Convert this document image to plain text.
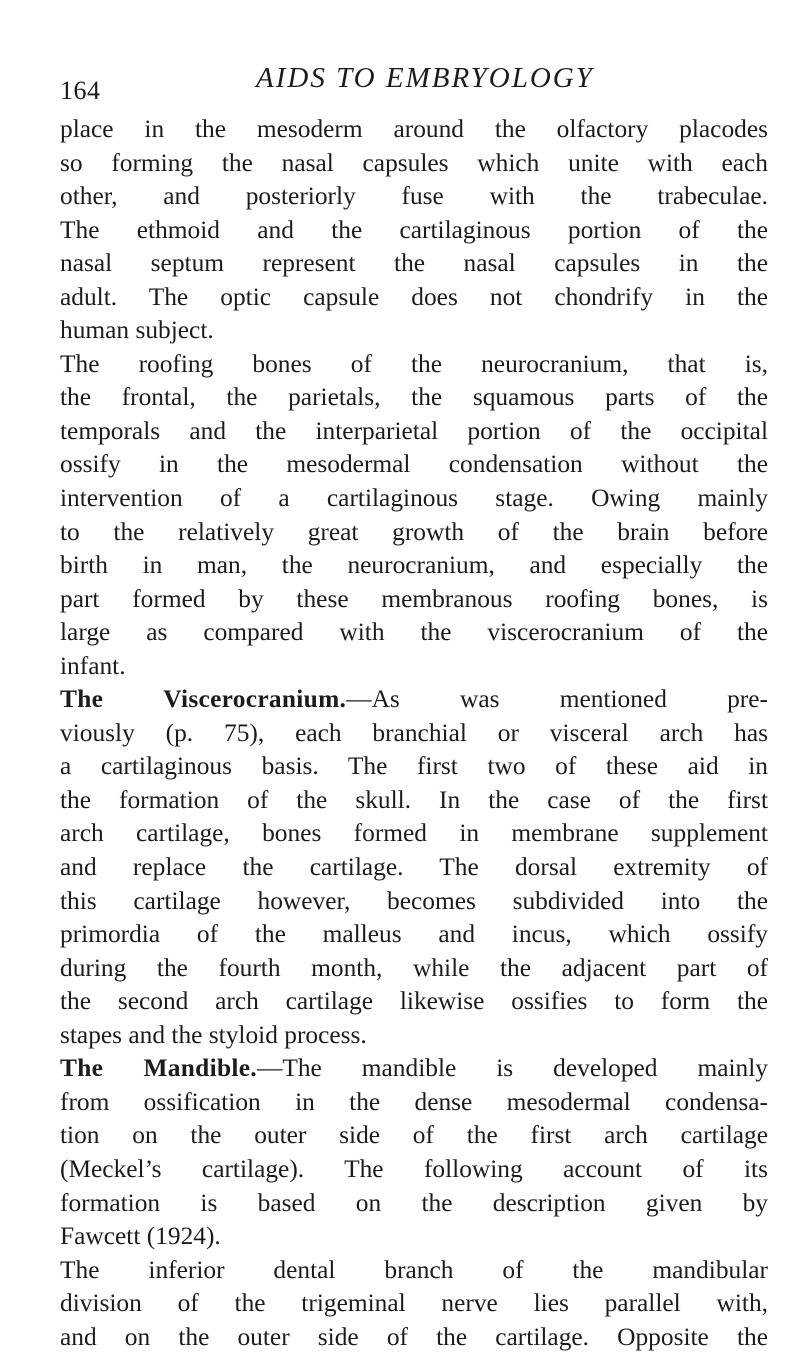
164	AIDS TO EMBRYOLOGY
place in the mesoderm around the olfactory placodes
so forming the nasal capsules which unite with each
other, and posteriorly fuse with the trabeculae.
The ethmoid and the cartilaginous portion of the
nasal septum represent the nasal capsules in the
adult. The optic capsule does not chondrify in the
human subject.
The roofing bones of the neurocranium, that is,
the frontal, the parietals, the squamous parts of the
temporals and the interparietal portion of the occipital
ossify in the mesodermal condensation without the
intervention of a cartilaginous stage. Owing mainly
to the relatively great growth of the brain before
birth in man, the neurocranium, and especially the
part formed by these membranous roofing bones, is
large as compared with the viscerocranium of the
infant.
The Viscerocranium.—As was mentioned pre-
viously (p. 75), each branchial or visceral arch has
a cartilaginous basis. The first two of these aid in
the formation of the skull. In the case of the first
arch cartilage, bones formed in membrane supplement
and replace the cartilage. The dorsal extremity of
this cartilage however, becomes subdivided into the
primordia of the malleus and incus, which ossify
during the fourth month, while the adjacent part of
the second arch cartilage likewise ossifies to form the
stapes and the styloid process.
The Mandible.—The mandible is developed mainly
from ossification in the dense mesodermal condensa-
tion on the outer side of the first arch cartilage
(Meckel’s cartilage). The following account of its
formation is based on the description given by
Fawcett (1924).
The inferior dental branch of the mandibular
division of the trigeminal nerve lies parallel with,
and on the outer side of the cartilage. Opposite the
